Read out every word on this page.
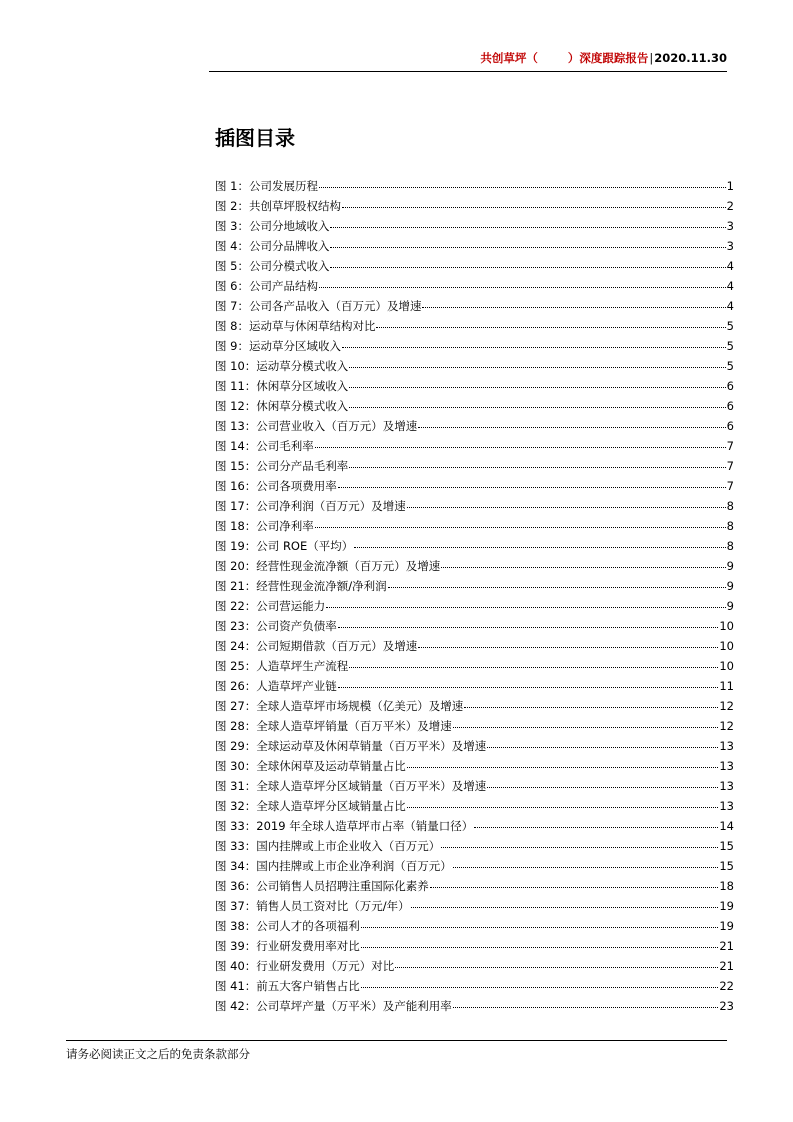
共创草坪（	）深度跟踪报告|2020.11.30
插图目录
图 1：公司发展历程	1
图 2：共创草坪股权结构	2
图 3：公司分地域收入	3
图 4：公司分品牌收入	3
图 5：公司分模式收入	4
图 6：公司产品结构	4
图 7：公司各产品收入（百万元）及增速	4
图 8：运动草与休闲草结构对比	5
图 9：运动草分区域收入	5
图 10：运动草分模式收入	5
图 11：休闲草分区域收入	6
图 12：休闲草分模式收入	6
图 13：公司营业收入（百万元）及增速	6
图 14：公司毛利率	7
图 15：公司分产品毛利率	7
图 16：公司各项费用率	7
图 17：公司净利润（百万元）及增速	8
图 18：公司净利率	8
图 19：公司 ROE（平均）	8
图 20：经营性现金流净额（百万元）及增速	9
图 21：经营性现金流净额/净利润	9
图 22：公司营运能力	9
图 23：公司资产负债率	10
图 24：公司短期借款（百万元）及增速	10
图 25：人造草坪生产流程	10
图 26：人造草坪产业链	11
图 27：全球人造草坪市场规模（亿美元）及增速	12
图 28：全球人造草坪销量（百万平米）及增速	12
图 29：全球运动草及休闲草销量（百万平米）及增速	13
图 30：全球休闲草及运动草销量占比	13
图 31：全球人造草坪分区域销量（百万平米）及增速	13
图 32：全球人造草坪分区域销量占比	13
图 33：2019 年全球人造草坪市占率（销量口径）	14
图 33：国内挂牌或上市企业收入（百万元）	15
图 34：国内挂牌或上市企业净利润（百万元）	15
图 36：公司销售人员招聘注重国际化素养	18
图 37：销售人员工资对比（万元/年）	19
图 38：公司人才的各项福利	19
图 39：行业研发费用率对比	21
图 40：行业研发费用（万元）对比	21
图 41：前五大客户销售占比	22
图 42：公司草坪产量（万平米）及产能利用率	23
请务必阅读正文之后的免责条款部分
